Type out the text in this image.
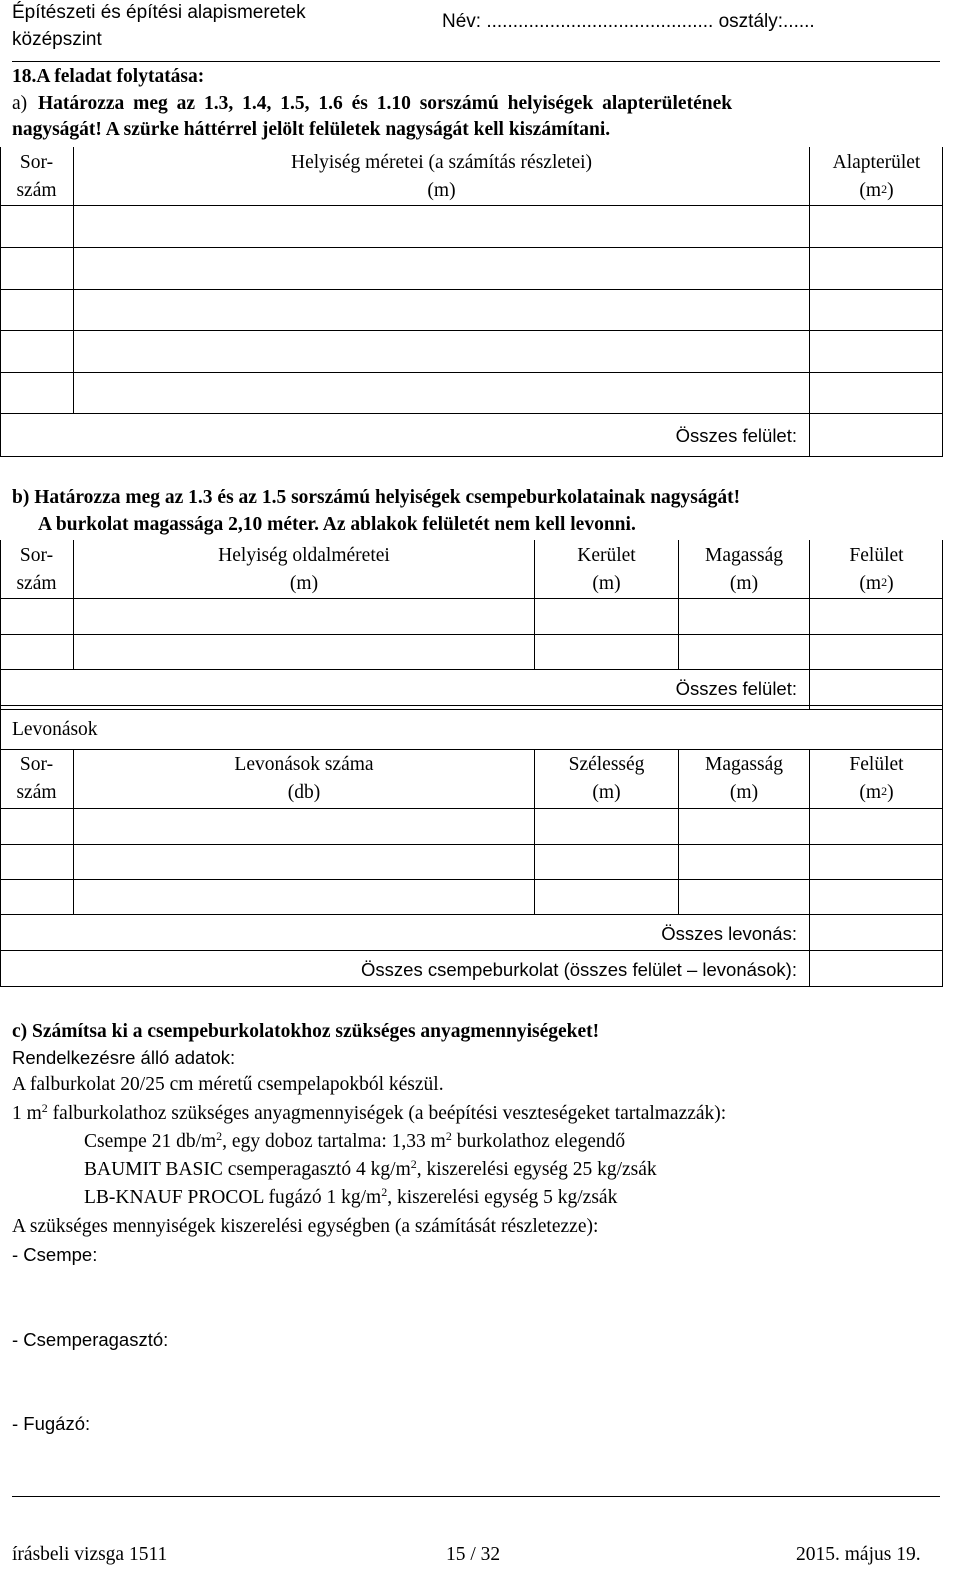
Építészeti és építési alapismeretek
középszint
Név: ........................................... osztály:......
18.A feladat folytatása:
a) Határozza meg az 1.3, 1.4, 1.5, 1.6 és 1.10 sorszámú helyiségek alapterületének
nagyságát! A szürke háttérrel jelölt felületek nagyságát kell kiszámítani.
Sor-
szám
Helyiség méretei (a számítás részletei)
(m)
Alapterület
$(m^2)$
Összes felület:
b) Határozza meg az 1.3 és az 1.5 sorszámú helyiségek csempeburkolatainak nagyságát!
A burkolat magassága 2,10 méter. Az ablakok felületét nem kell levonni.
Sor-
szám
Helyiség oldalméretei
(m)
Kerület
(m)
Magasság
(m)
Felület
$(m^2)$
Összes felület:
Levonások
Sor-
szám
Levonások száma
(db)
Szélesség
(m)
Magasság
(m)
Felület
$(m^2)$
Összes levonás:
Összes csempeburkolat (összes felület – levonások):
c) Számítsa ki a csempeburkolatokhoz szükséges anyagmennyiségeket!
Rendelkezésre álló adatok:
A falburkolat 20/25 cm méretű csempelapokból készül.
1 $m^2$ falburkolathoz szükséges anyagmennyiségek (a beépítési veszteségeket tartalmazzák):
Csempe 21 $db/m^2$, egy doboz tartalma: 1,33 $m^2$ burkolathoz elegendő
BAUMIT BASIC csemperagasztó 4 $kg/m^2$, kiszerelési egység 25 kg/zsák
LB-KNAUF PROCOL fugázó 1 $kg/m^2$, kiszerelési egység 5 kg/zsák
A szükséges mennyiségek kiszerelési egységben (a számítását részletezze):
- Csempe:
- Csemperagasztó:
- Fugázó:
írásbeli vizsga 1511	15 / 32	2015. május 19.
